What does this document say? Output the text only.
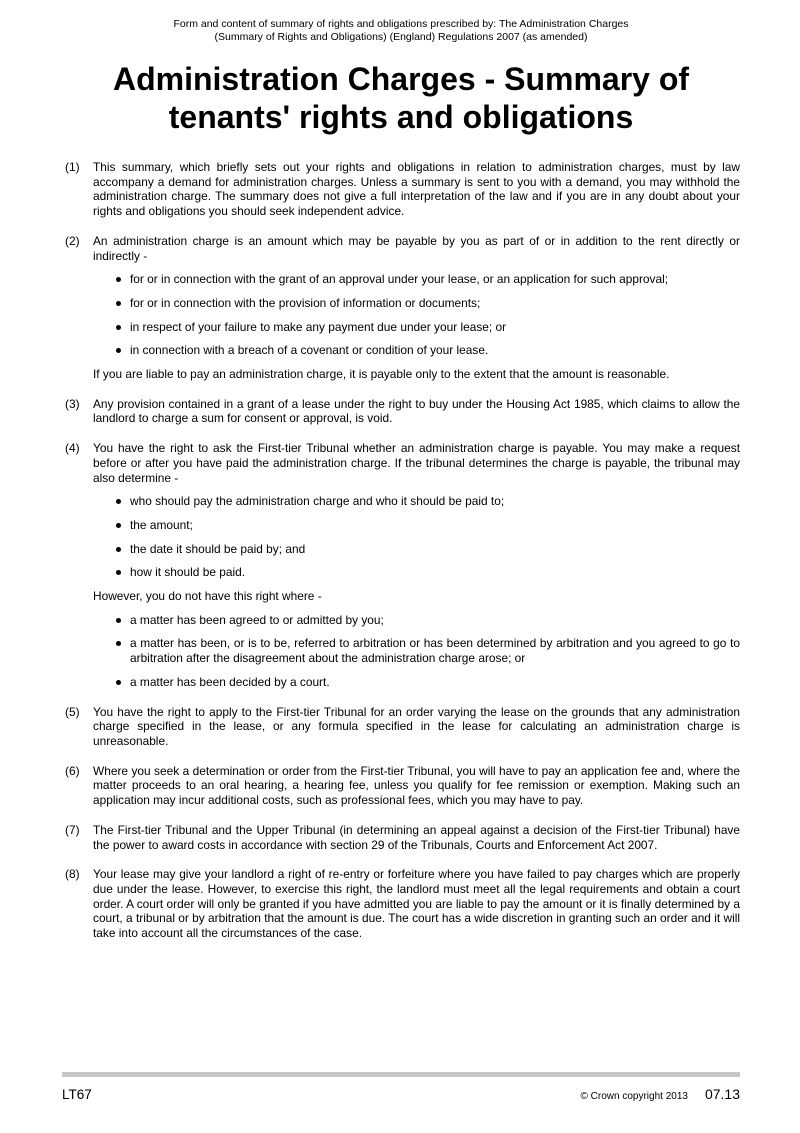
Form and content of summary of rights and obligations prescribed by: The Administration Charges
(Summary of Rights and Obligations) (England) Regulations 2007 (as amended)
Administration Charges - Summary of
tenants' rights and obligations
(1) This summary, which briefly sets out your rights and obligations in relation to administration charges, must by law accompany a demand for administration charges. Unless a summary is sent to you with a demand, you may withhold the administration charge. The summary does not give a full interpretation of the law and if you are in any doubt about your rights and obligations you should seek independent advice.
(2) An administration charge is an amount which may be payable by you as part of or in addition to the rent directly or indirectly -
for or in connection with the grant of an approval under your lease, or an application for such approval;
for or in connection with the provision of information or documents;
in respect of your failure to make any payment due under your lease; or
in connection with a breach of a covenant or condition of your lease.
If you are liable to pay an administration charge, it is payable only to the extent that the amount is reasonable.
(3) Any provision contained in a grant of a lease under the right to buy under the Housing Act 1985, which claims to allow the landlord to charge a sum for consent or approval, is void.
(4) You have the right to ask the First-tier Tribunal whether an administration charge is payable. You may make a request before or after you have paid the administration charge. If the tribunal determines the charge is payable, the tribunal may also determine -
who should pay the administration charge and who it should be paid to;
the amount;
the date it should be paid by; and
how it should be paid.
However, you do not have this right where -
a matter has been agreed to or admitted by you;
a matter has been, or is to be, referred to arbitration or has been determined by arbitration and you agreed to go to arbitration after the disagreement about the administration charge arose; or
a matter has been decided by a court.
(5) You have the right to apply to the First-tier Tribunal for an order varying the lease on the grounds that any administration charge specified in the lease, or any formula specified in the lease for calculating an administration charge is unreasonable.
(6) Where you seek a determination or order from the First-tier Tribunal, you will have to pay an application fee and, where the matter proceeds to an oral hearing, a hearing fee, unless you qualify for fee remission or exemption. Making such an application may incur additional costs, such as professional fees, which you may have to pay.
(7) The First-tier Tribunal and the Upper Tribunal (in determining an appeal against a decision of the First-tier Tribunal) have the power to award costs in accordance with section 29 of the Tribunals, Courts and Enforcement Act 2007.
(8) Your lease may give your landlord a right of re-entry or forfeiture where you have failed to pay charges which are properly due under the lease. However, to exercise this right, the landlord must meet all the legal requirements and obtain a court order. A court order will only be granted if you have admitted you are liable to pay the amount or it is finally determined by a court, a tribunal or by arbitration that the amount is due. The court has a wide discretion in granting such an order and it will take into account all the circumstances of the case.
LT67	© Crown copyright 2013 07.13
